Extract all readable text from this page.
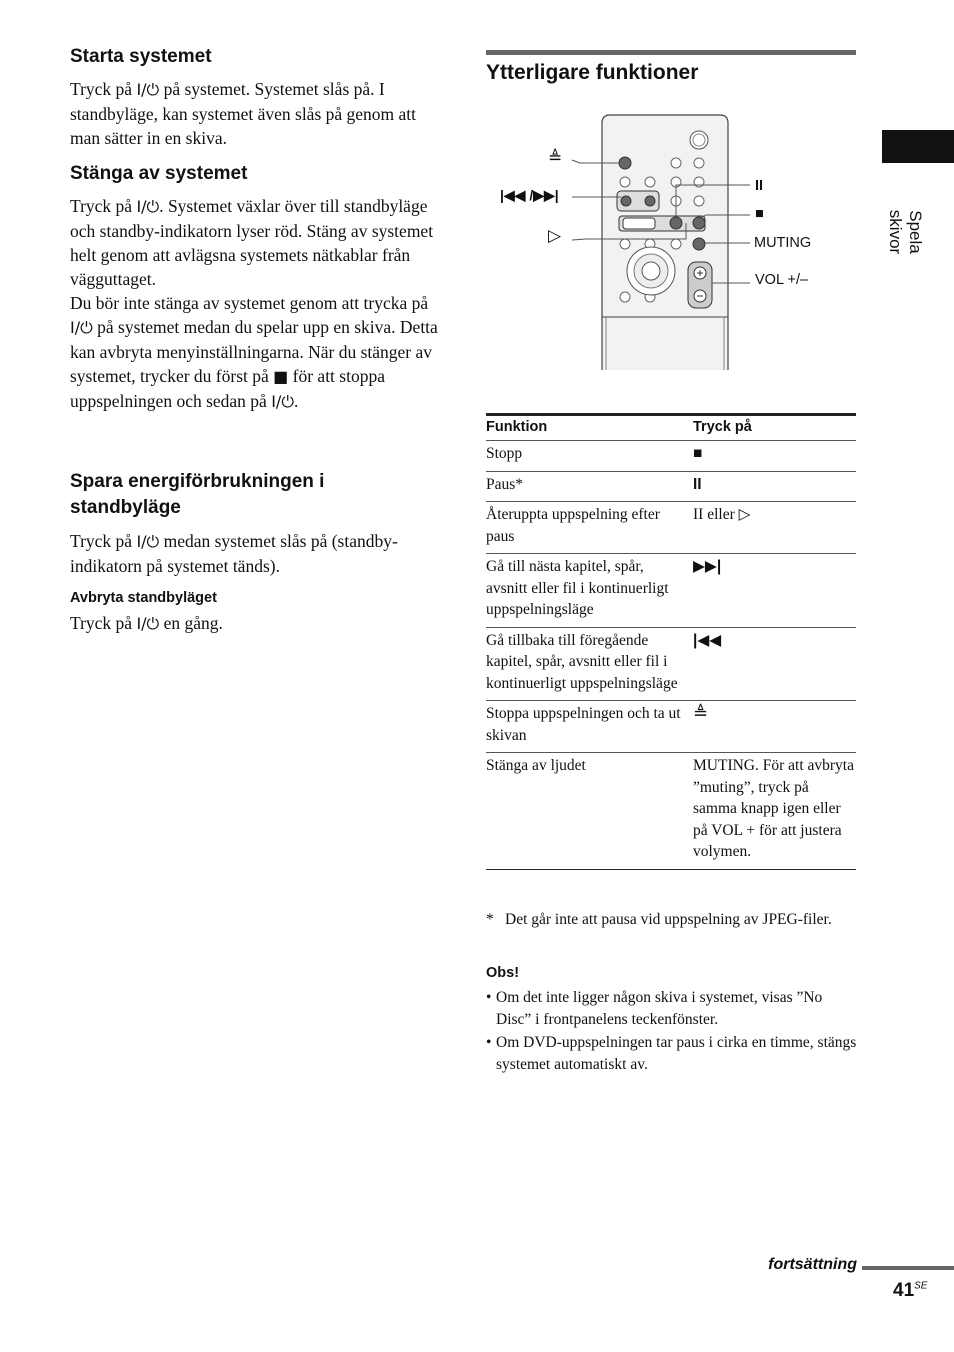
Starta systemet

Tryck på I/⏻ på systemet. Systemet slås på. I standbyläge, kan systemet även slås på genom att man sätter in en skiva.

Stänga av systemet

Tryck på I/⏻. Systemet växlar över till standbyläge och standby-indikatorn lyser röd. Stäng av systemet helt genom att avlägsna systemets nätkablar från vägguttaget.
Du bör inte stänga av systemet genom att trycka på I/⏻ på systemet medan du spelar upp en skiva. Detta kan avbryta menyinställningarna. När du stänger av systemet, trycker du först på ■ för att stoppa uppspelningen och sedan på I/⏻.

Spara energiförbrukningen i standbyläge

Tryck på I/⏻ medan systemet slås på (standby-indikatorn på systemet tänds).

Avbryta standbyläget

Tryck på I/⏻ en gång.

Ytterligare funktioner
≜
|◀◀ /▶▶|
▷
II
■
MUTING
VOL +/–
Funktion	Tryck på
Stopp	■
Paus*	II
Återuppta uppspelning efter paus	II eller ▷
Gå till nästa kapitel, spår, avsnitt eller fil i kontinuerligt uppspelningsläge	▶▶|
Gå tillbaka till föregående kapitel, spår, avsnitt eller fil i kontinuerligt uppspelningsläge	|◀◀
Stoppa uppspelningen och ta ut skivan	≜
Stänga av ljudet	MUTING. För att avbryta ”muting”, tryck på samma knapp igen eller på VOL + för att justera volymen.
* Det går inte att pausa vid uppspelning av JPEG-filer.

Obs!
• Om det inte ligger någon skiva i systemet, visas ”No Disc” i frontpanelens teckenfönster.

• Om DVD-uppspelningen tar paus i cirka en timme, stängs systemet automatiskt av.

Spela skivor
fortsättning
$41^{SE}$
